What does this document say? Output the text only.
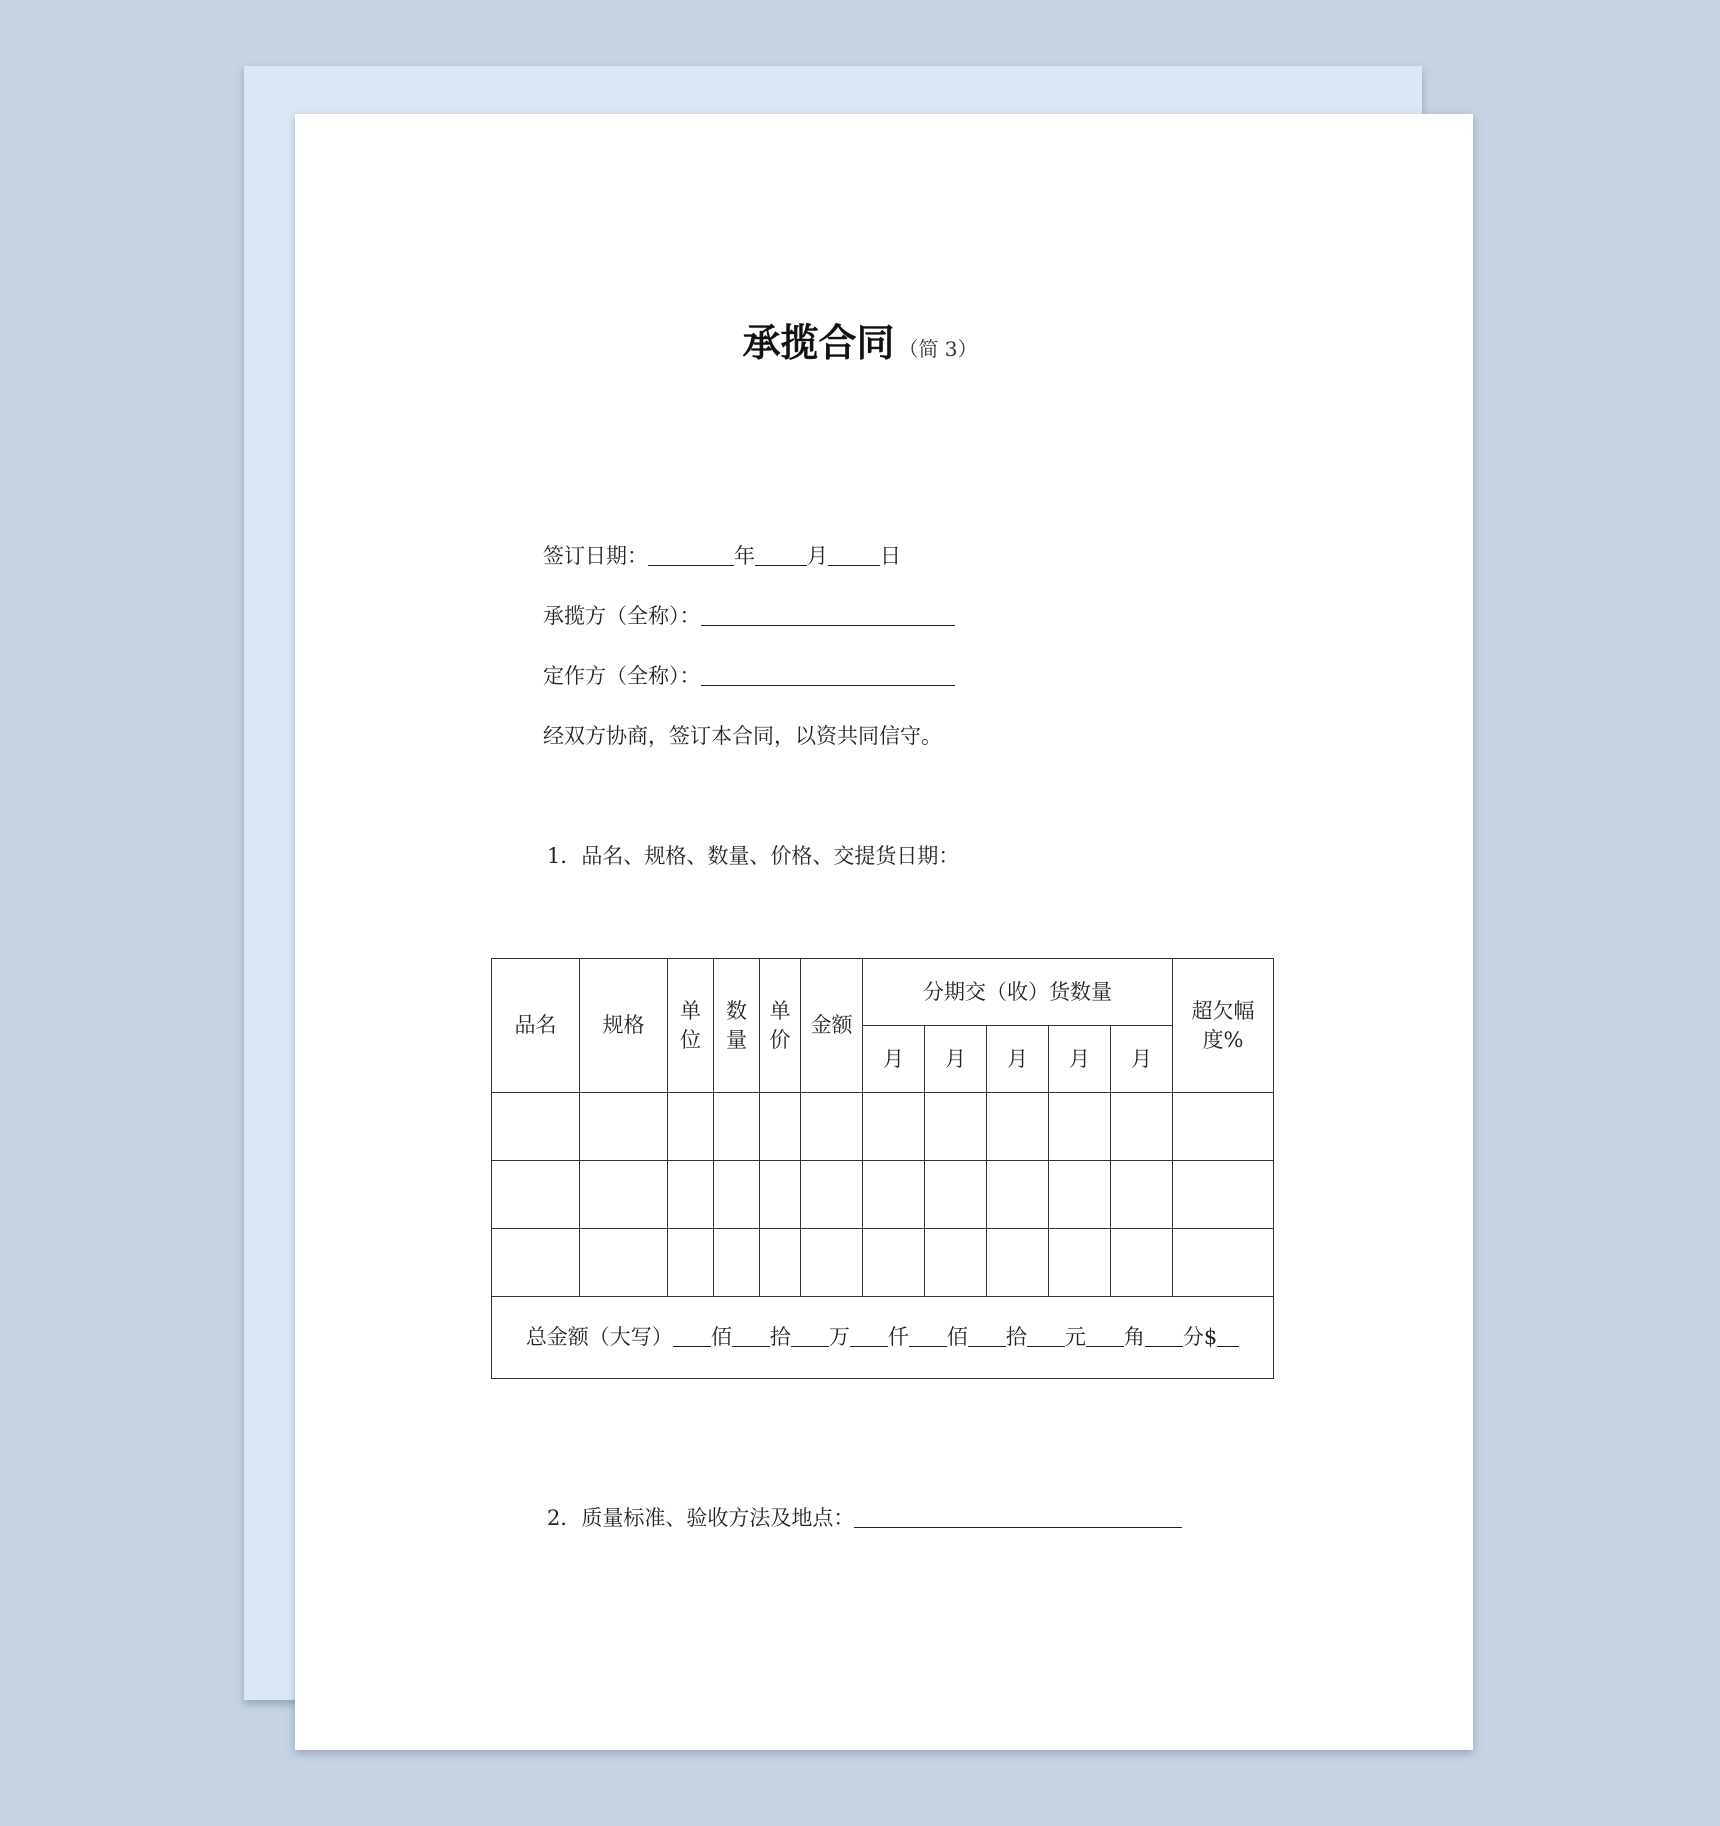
承揽合同 （简 3）
签订日期：	年 月 日
承揽方（全称）：
定作方（全称）：
经双方协商，签订本合同，以资共同信守。
1．品名、规格、数量、价格、交提货日期：
品名	规格	单位	数量	单价	金额	分期交（收）货数量					超欠幅度%
						月	月	月	月	月	

总金额（大写） 佰 拾 万 仟 佰 拾 元 角 分$											
2．质量标准、验收方法及地点：
